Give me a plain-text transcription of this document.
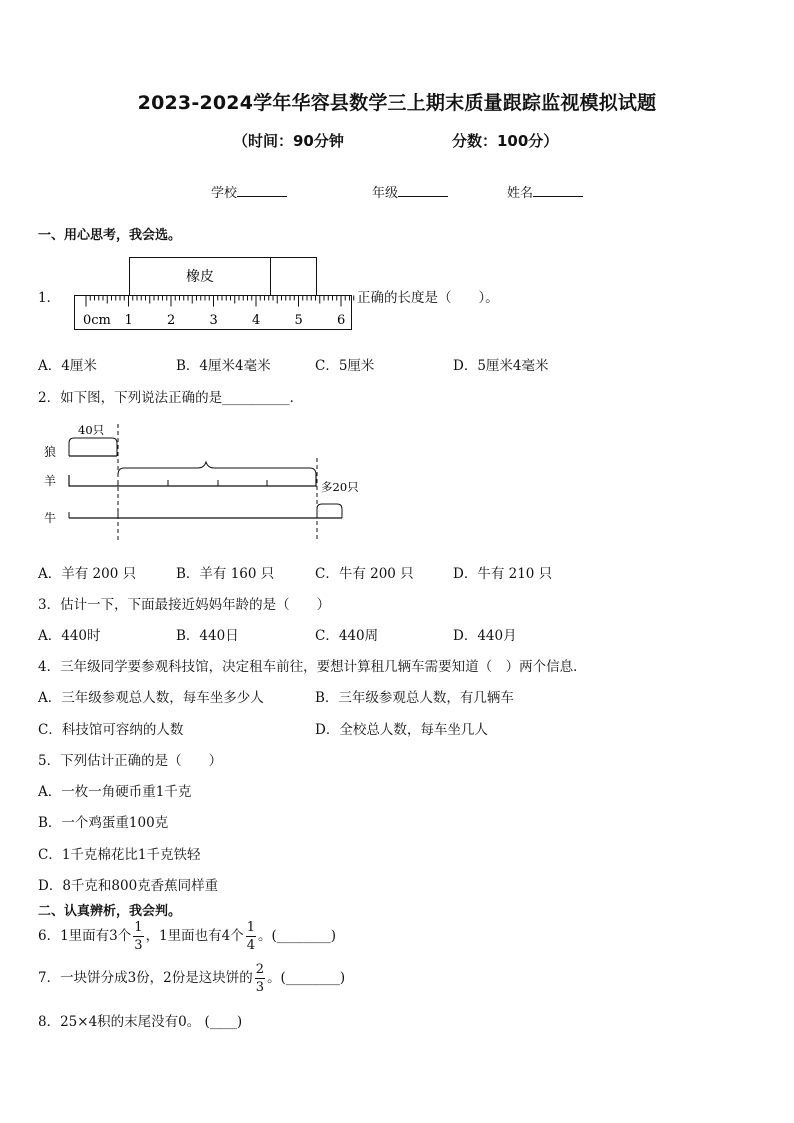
2023-2024学年华容县数学三上期末质量跟踪监视模拟试题
（时间：90分钟	分数：100分）
学校	年级	姓名
一、用心思考，我会选。
1．
橡皮
0cm 1	2	3	4	5	6
正确的长度是（　　）。
A．4厘米	B．4厘米4毫米	C．5厘米	D．5厘米4毫米
2．如下图，下列说法正确的是__________．
狼
羊
牛
40只
多20只
A．羊有 200 只	B．羊有 160 只	C．牛有 200 只	D．牛有 210 只
3．估计一下，下面最接近妈妈年龄的是（　　）
A．440时	B．440日	C．440周	D．440月
4．三年级同学要参观科技馆，决定租车前往，要想计算租几辆车需要知道（　）两个信息．
A．三年级参观总人数，每车坐多少人	B．三年级参观总人数，有几辆车
C．科技馆可容纳的人数	D．全校总人数，每车坐几人
5．下列估计正确的是（　　）
A．一枚一角硬币重1千克
B．一个鸡蛋重100克
C．1千克棉花比1千克铁轻
D．8千克和800克香蕉同样重
二、认真辨析，我会判。
6．1里面有3个 $\frac{1}{3}$ ，1里面也有4个 $\frac{1}{4}$ 。(________)
7．一块饼分成3份，2份是这块饼的 $\frac{2}{3}$ 。(________)
8．25×4积的末尾没有0。 (____)
